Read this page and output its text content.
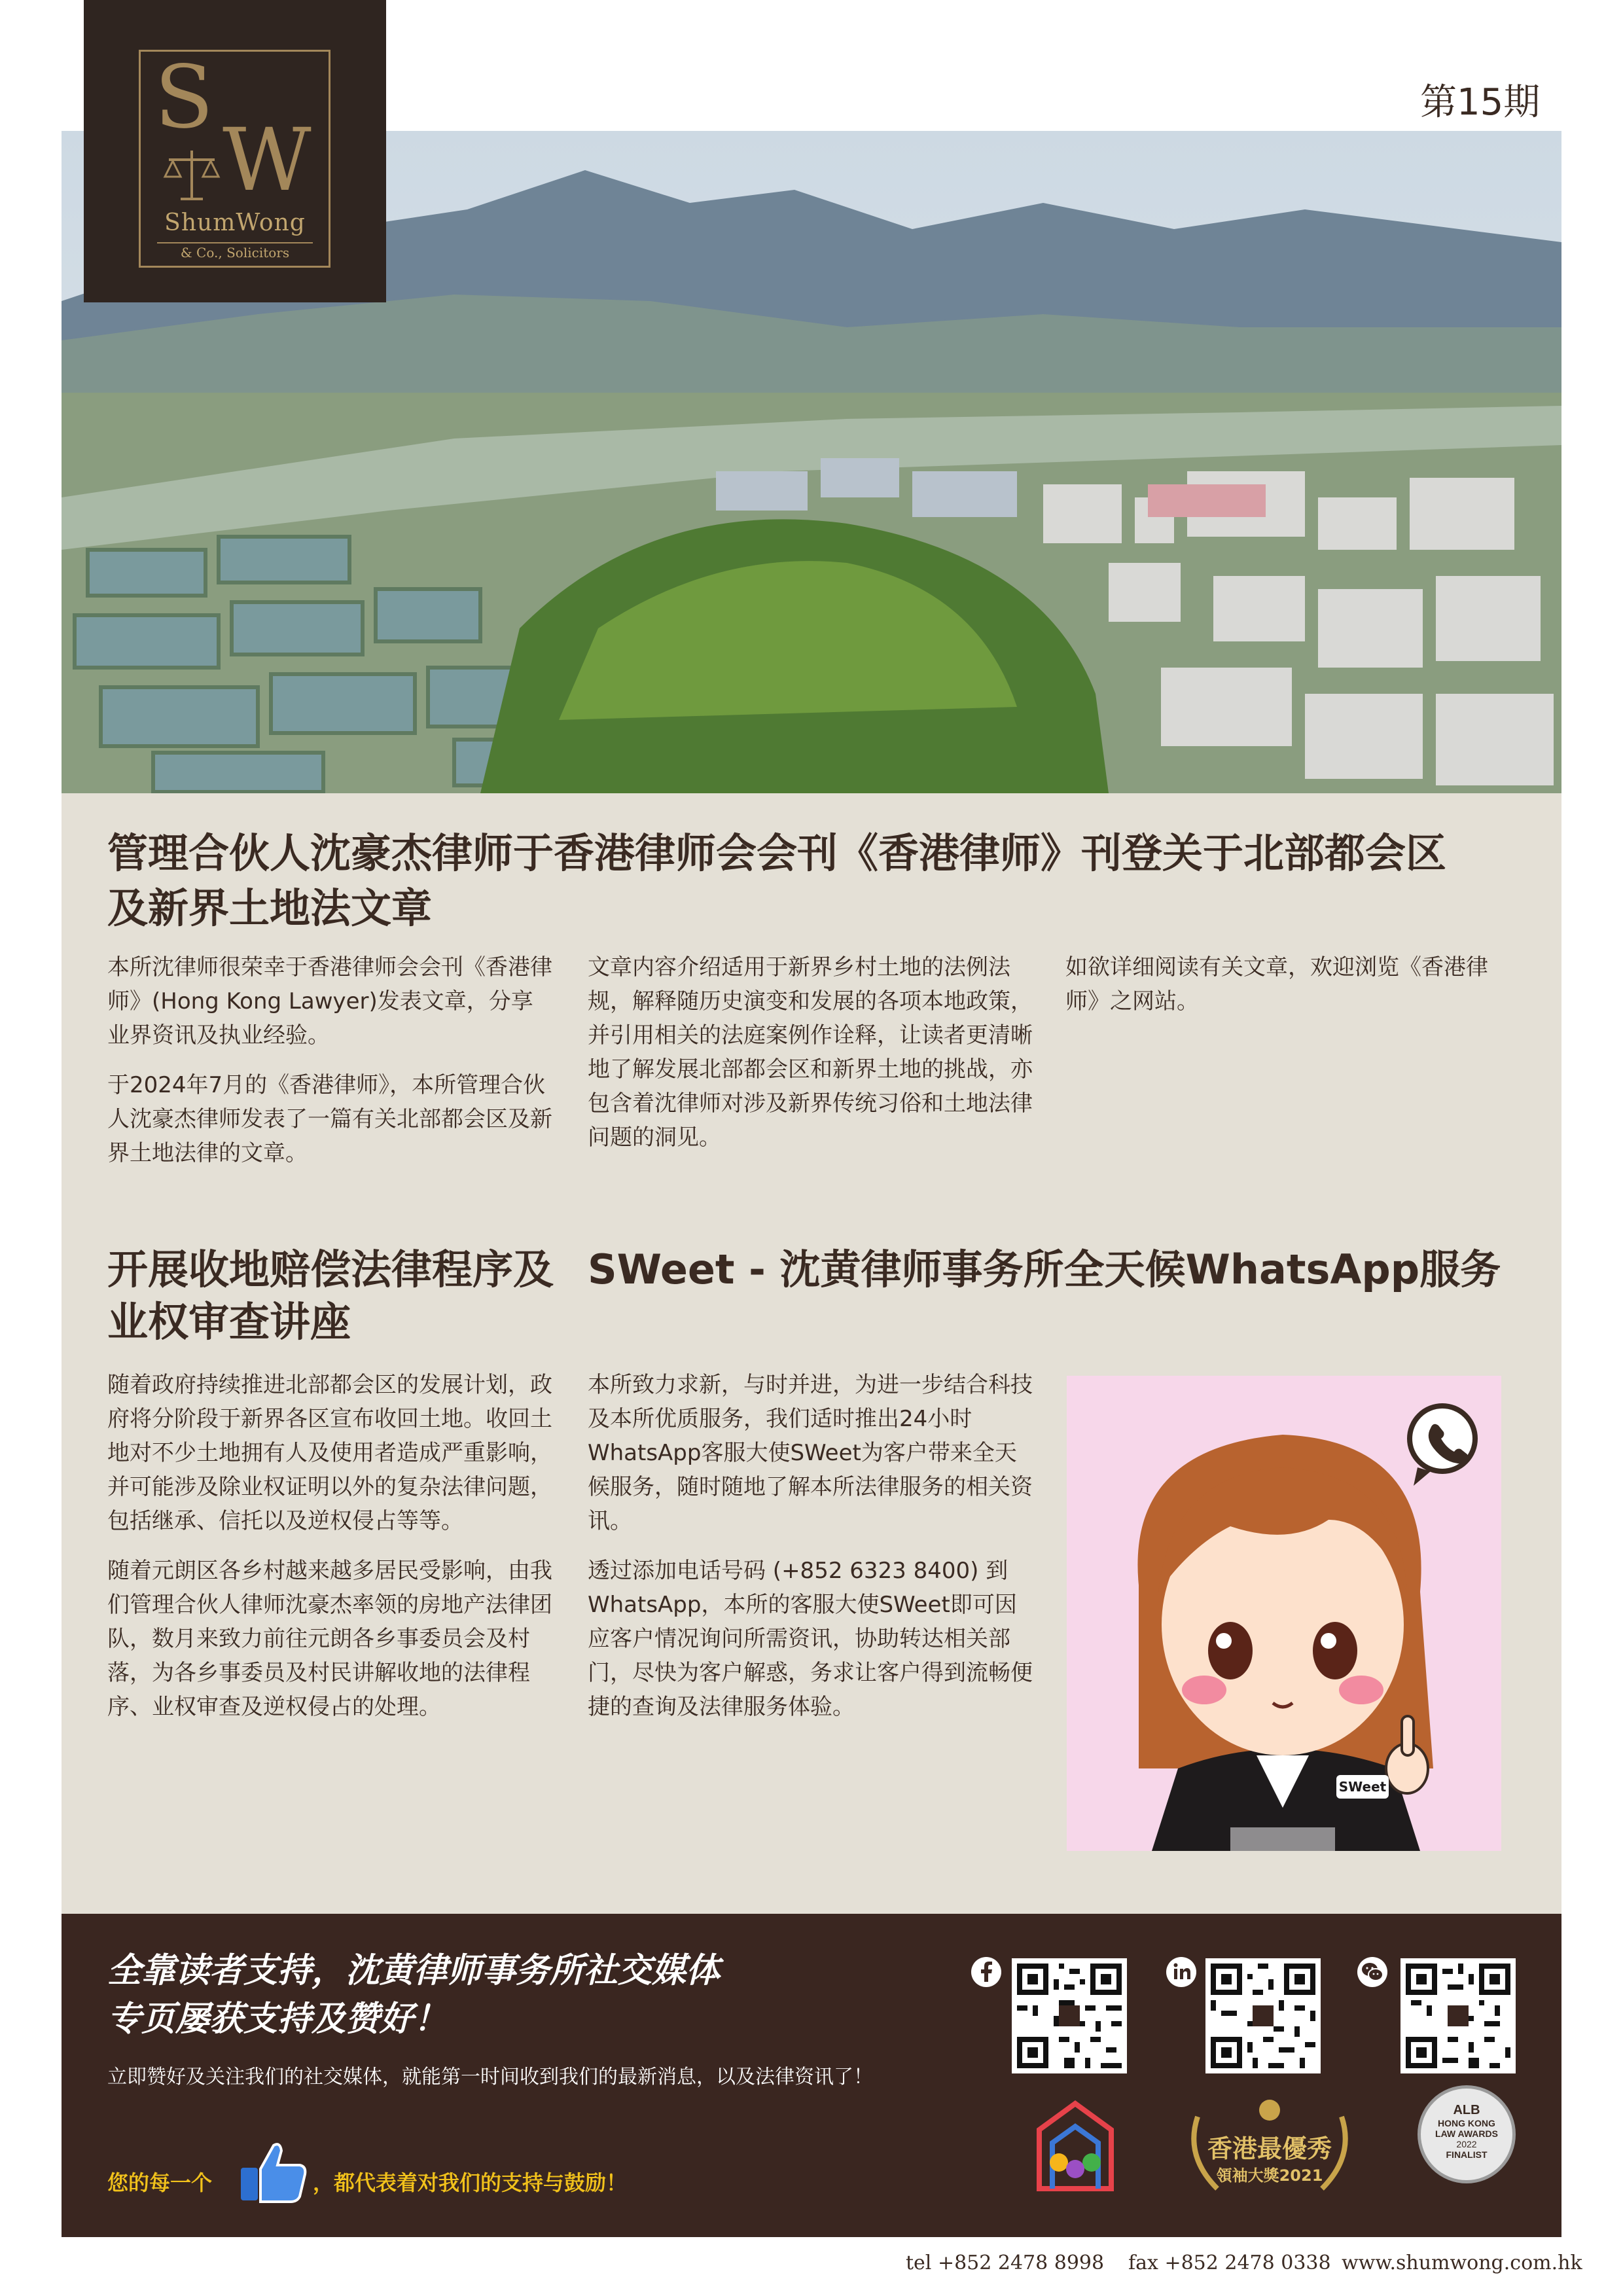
S
W
ShumWong
& Co., Solicitors
第15期
管理合伙人沈豪杰律师于香港律师会会刊《香港律师》刊登关于北部都会区及新界土地法文章

本所沈律师很荣幸于香港律师会会刊《香港律师》(Hong Kong Lawyer)发表文章，分享业界资讯及执业经验。

于2024年7月的《香港律师》，本所管理合伙人沈豪杰律师发表了一篇有关北部都会区及新界土地法律的文章。

文章内容介绍适用于新界乡村土地的法例法规，解释随历史演变和发展的各项本地政策，并引用相关的法庭案例作诠释，让读者更清晰地了解发展北部都会区和新界土地的挑战，亦包含着沈律师对涉及新界传统习俗和土地法律问题的洞见。

如欲详细阅读有关文章，欢迎浏览《香港律师》之网站。

开展收地赔偿法律程序及业权审查讲座
SWeet - 沈黄律师事务所全天候WhatsApp服务

随着政府持续推进北部都会区的发展计划，政府将分阶段于新界各区宣布收回土地。收回土地对不少土地拥有人及使用者造成严重影响，并可能涉及除业权证明以外的复杂法律问题，包括继承、信托以及逆权侵占等等。

随着元朗区各乡村越来越多居民受影响，由我们管理合伙人律师沈豪杰率领的房地产法律团队，数月来致力前往元朗各乡事委员会及村落，为各乡事委员及村民讲解收地的法律程序、业权审查及逆权侵占的处理。

本所致力求新，与时并进，为进一步结合科技及本所优质服务，我们适时推出24小时WhatsApp客服大使SWeet为客户带来全天候服务，随时随地了解本所法律服务的相关资讯。

透过添加电话号码 (+852 6323 8400) 到WhatsApp，本所的客服大使SWeet即可因应客户情况询问所需资讯，协助转达相关部门，尽快为客户解惑，务求让客户得到流畅便捷的查询及法律服务体验。

SWeet
全靠读者支持，沈黄律师事务所社交媒体
专页屡获支持及赞好！
立即赞好及关注我们的社交媒体，就能第一时间收到我们的最新消息，以及法律资讯了！
您的每一个	，都代表着对我们的支持与鼓励！
香港最優秀
領袖大獎2021
ALB
HONG KONG
LAW AWARDS
2022
FINALIST
tel +852 2478 8998 fax +852 2478 0338 www.shumwong.com.hk
